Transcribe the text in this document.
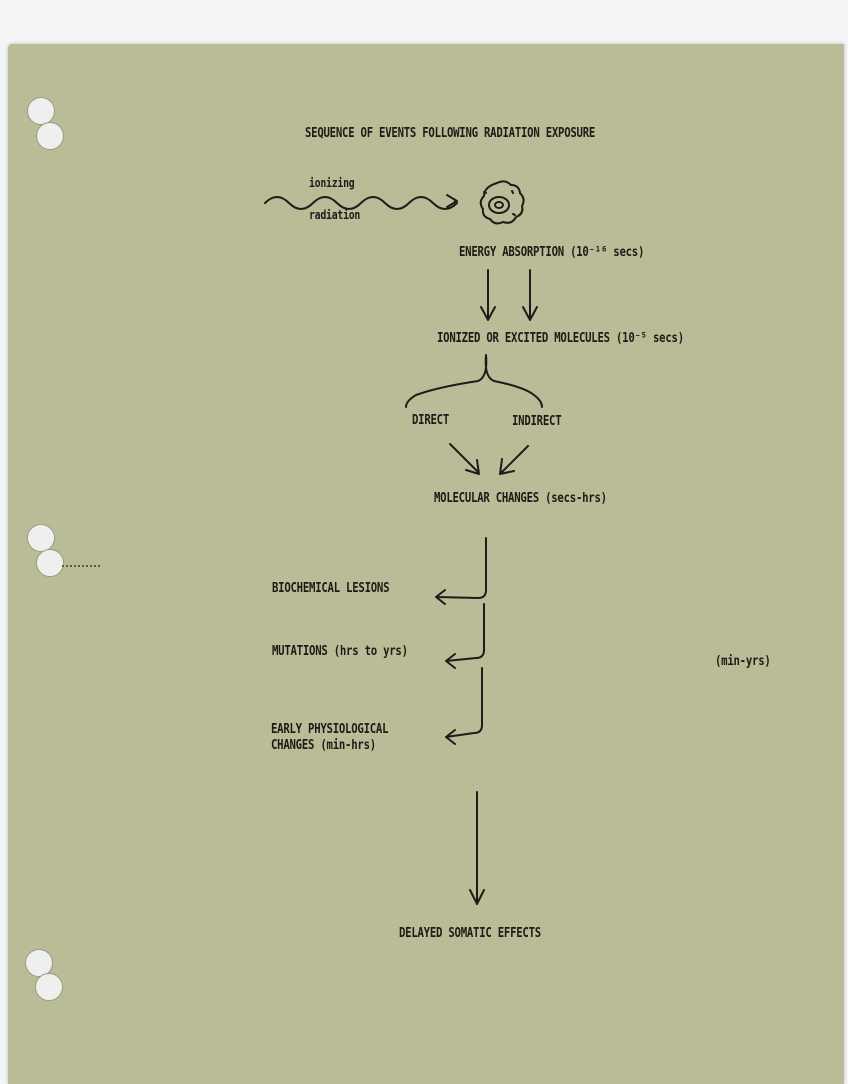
SEQUENCE OF EVENTS FOLLOWING RADIATION EXPOSURE

ionizing

radiation

ENERGY ABSORPTION (10⁻¹⁶ secs)

IONIZED OR EXCITED MOLECULES (10⁻⁵ secs)

DIRECT	INDIRECT

MOLECULAR CHANGES (secs-hrs)

BIOCHEMICAL LESIONS

MUTATIONS (hrs to yrs)

(min-yrs)

EARLY PHYSIOLOGICAL

CHANGES (min-hrs)

DELAYED SOMATIC EFFECTS
